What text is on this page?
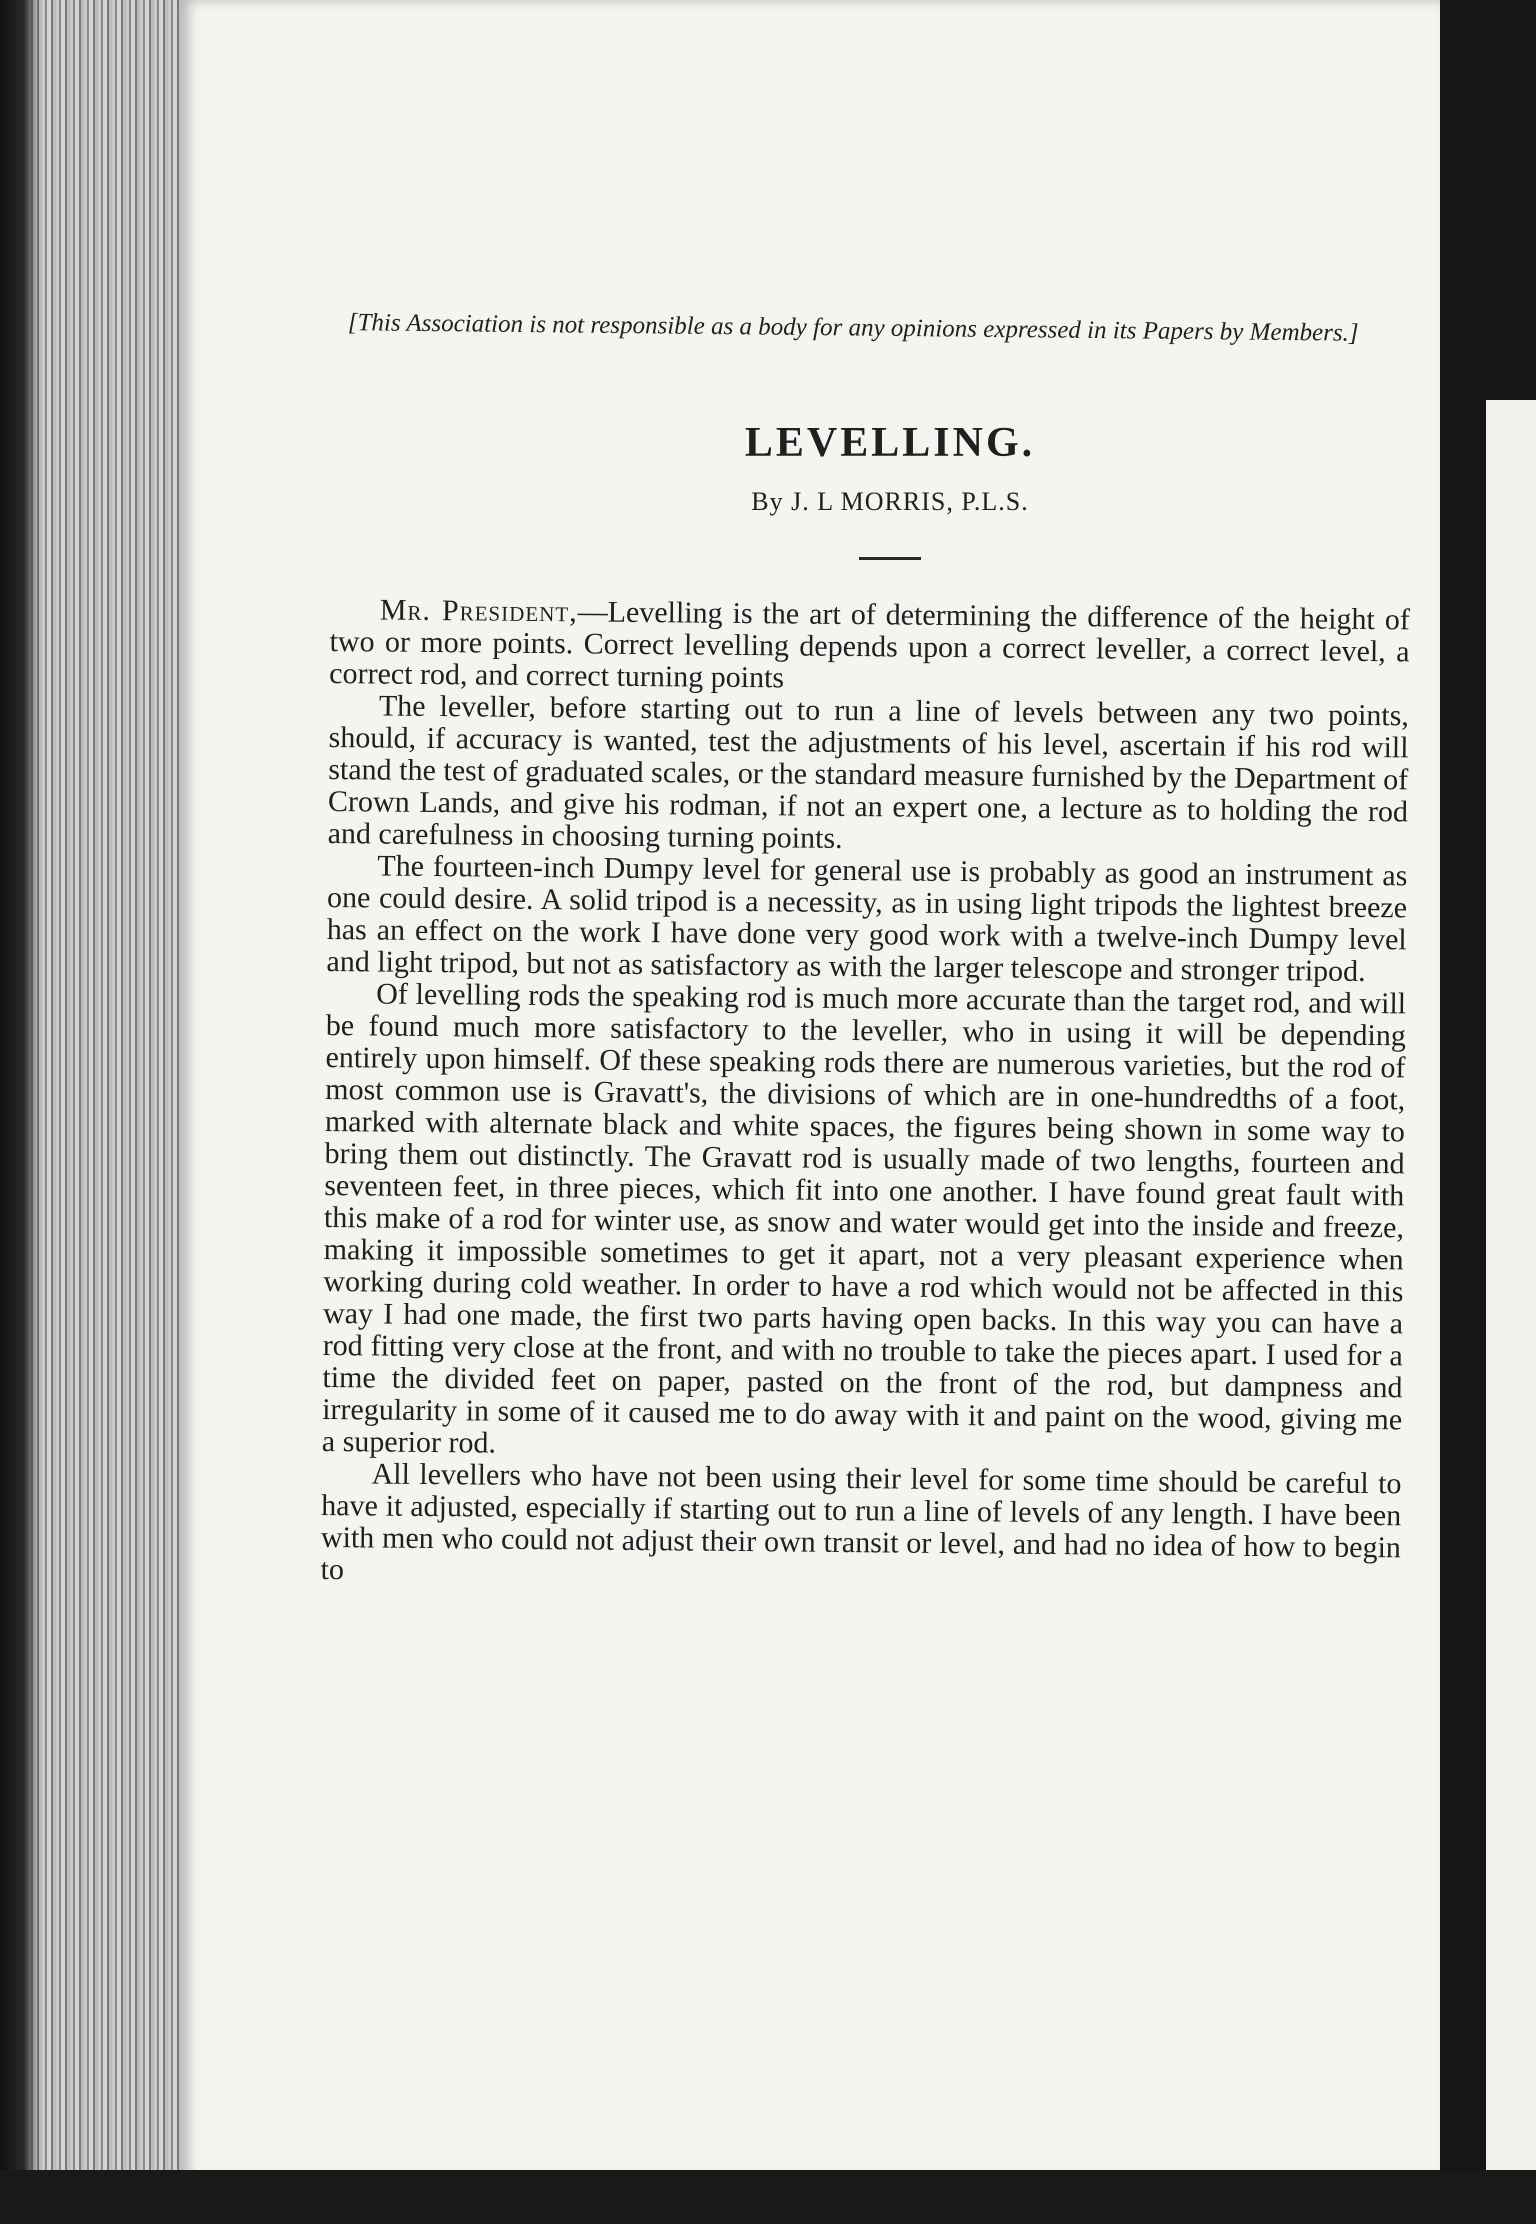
[This Association is not responsible as a body for any opinions expressed in its Papers by Members.]

LEVELLING.
By J. L MORRIS, P.L.S.

Mr. President,—Levelling is the art of determining the difference of the height of two or more points. Correct levelling depends upon a correct leveller, a correct level, a correct rod, and correct turning points

The leveller, before starting out to run a line of levels between any two points, should, if accuracy is wanted, test the adjustments of his level, ascertain if his rod will stand the test of graduated scales, or the standard measure furnished by the Department of Crown Lands, and give his rodman, if not an expert one, a lecture as to holding the rod and carefulness in choosing turning points.

The fourteen-inch Dumpy level for general use is probably as good an instrument as one could desire. A solid tripod is a necessity, as in using light tripods the lightest breeze has an effect on the work I have done very good work with a twelve-inch Dumpy level and light tripod, but not as satisfactory as with the larger telescope and stronger tripod.

Of levelling rods the speaking rod is much more accurate than the target rod, and will be found much more satisfactory to the leveller, who in using it will be depending entirely upon himself. Of these speaking rods there are numerous varieties, but the rod of most common use is Gravatt's, the divisions of which are in one-hundredths of a foot, marked with alternate black and white spaces, the figures being shown in some way to bring them out distinctly. The Gravatt rod is usually made of two lengths, fourteen and seventeen feet, in three pieces, which fit into one another. I have found great fault with this make of a rod for winter use, as snow and water would get into the inside and freeze, making it impossible sometimes to get it apart, not a very pleasant experience when working during cold weather. In order to have a rod which would not be affected in this way I had one made, the first two parts having open backs. In this way you can have a rod fitting very close at the front, and with no trouble to take the pieces apart. I used for a time the divided feet on paper, pasted on the front of the rod, but dampness and irregularity in some of it caused me to do away with it and paint on the wood, giving me a superior rod.

All levellers who have not been using their level for some time should be careful to have it adjusted, especially if starting out to run a line of levels of any length. I have been with men who could not adjust their own transit or level, and had no idea of how to begin to
